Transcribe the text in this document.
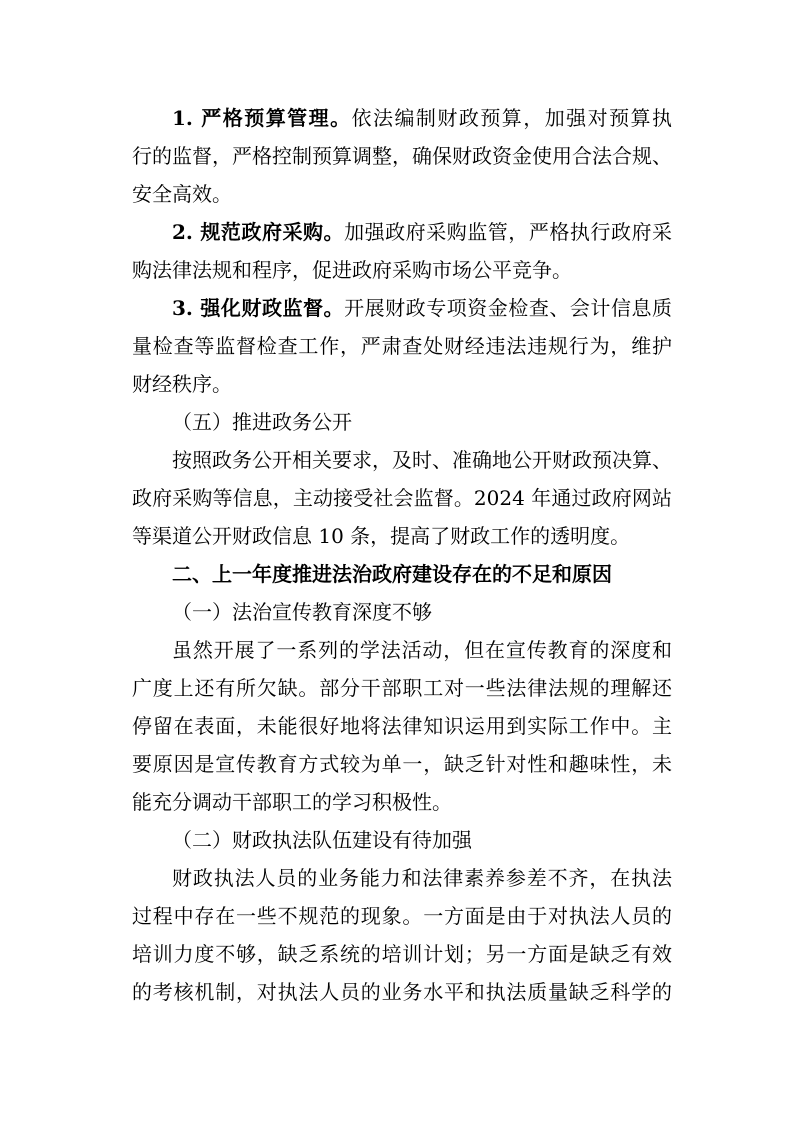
1. 严格预算管理。依法编制财政预算，加强对预算执
行的监督，严格控制预算调整，确保财政资金使用合法合规、
安全高效。
2. 规范政府采购。加强政府采购监管，严格执行政府采
购法律法规和程序，促进政府采购市场公平竞争。
3. 强化财政监督。开展财政专项资金检查、会计信息质
量检查等监督检查工作，严肃查处财经违法违规行为，维护
财经秩序。
（五）推进政务公开
按照政务公开相关要求，及时、准确地公开财政预决算、
政府采购等信息，主动接受社会监督。2024 年通过政府网站
等渠道公开财政信息 10 条，提高了财政工作的透明度。
二、上一年度推进法治政府建设存在的不足和原因
（一）法治宣传教育深度不够
虽然开展了一系列的学法活动，但在宣传教育的深度和
广度上还有所欠缺。部分干部职工对一些法律法规的理解还
停留在表面，未能很好地将法律知识运用到实际工作中。主
要原因是宣传教育方式较为单一，缺乏针对性和趣味性，未
能充分调动干部职工的学习积极性。
（二）财政执法队伍建设有待加强
财政执法人员的业务能力和法律素养参差不齐，在执法
过程中存在一些不规范的现象。一方面是由于对执法人员的
培训力度不够，缺乏系统的培训计划；另一方面是缺乏有效
的考核机制，对执法人员的业务水平和执法质量缺乏科学的
